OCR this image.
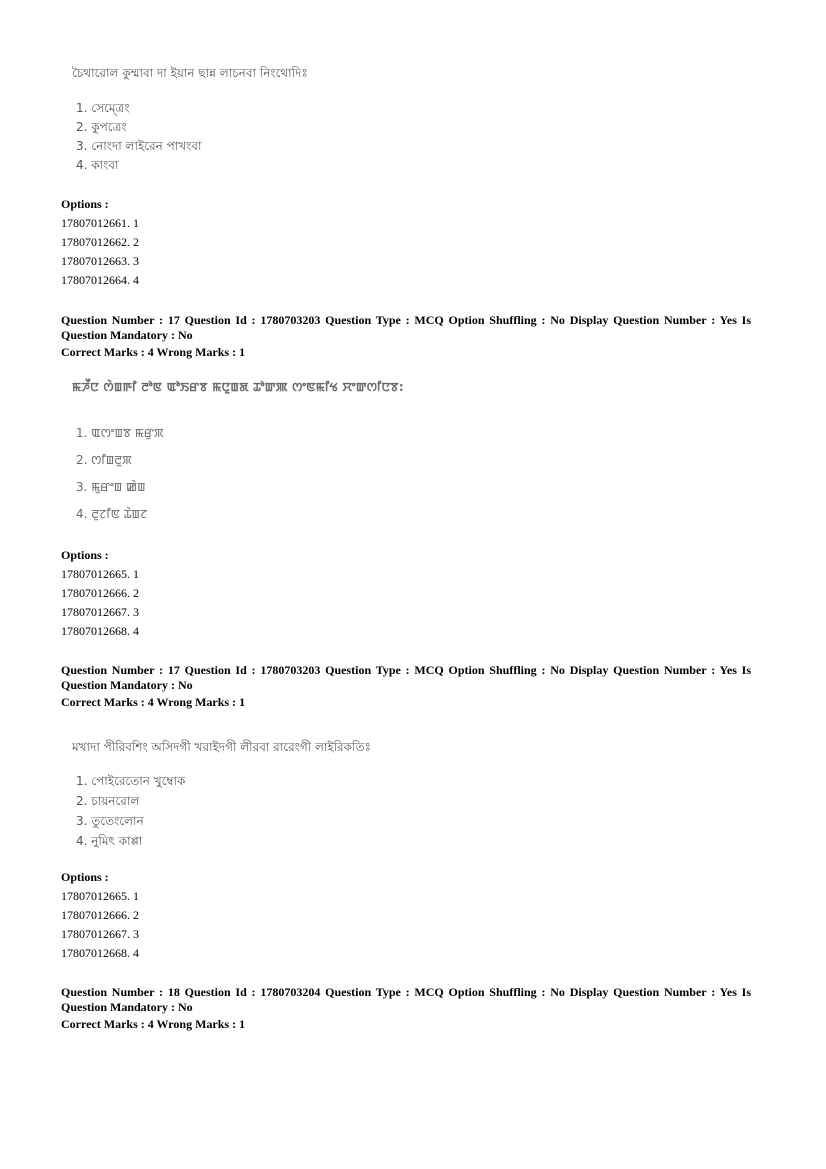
চৈথারোল কুম্মাবা দা ইয়ান ছান্ন লাচনবা নিংথোদিঃ
1. সেম্ত্রেং
2. কুপত্রেং
3. নোংদা লাইরেন পাখংবা
4. কাংবা
Options :
17807012661. 1
17807012662. 2
17807012663. 3
17807012664. 4
Question Number : 17 Question Id : 1780703203 Question Type : MCQ Option Shuffling : No Display Question Number : Yes Is
Question Mandatory : No
Correct Marks : 4 Wrong Marks : 1
ꯃꯍꯩꯅ ꯁꯥꯡꯒꯤ ꯂꯣꯟ ꯑꯣꯏꯔꯕ ꯃꯅꯨꯡꯗ ꯊꯣꯛꯄ ꯁꯦꯟꯃꯤꯠ ꯆꯦꯛꯁꯤꯅꯕ:
1. ꯑꯁꯦꯡꯕ ꯃꯔꯨꯞ
2. ꯁꯤꯡꯂꯨꯞ
3. ꯃꯨꯔꯦꯡ ꯀꯥꯡ
4. ꯂꯨꯖꯤꯟ ꯊꯥꯡꯖ
Options :
17807012665. 1
17807012666. 2
17807012667. 3
17807012668. 4
Question Number : 17 Question Id : 1780703203 Question Type : MCQ Option Shuffling : No Display Question Number : Yes Is
Question Mandatory : No
Correct Marks : 4 Wrong Marks : 1
মখাদা পীরিবশিং অসিদগী খরাইদগী লীরবা রারেংগী লাইরিকতিঃ
1. পোইরেতোন খুম্বোক
2. চায়নরোল
3. তুতেংলোন
4. নুমিৎ কাপ্পা
Options :
17807012665. 1
17807012666. 2
17807012667. 3
17807012668. 4
Question Number : 18 Question Id : 1780703204 Question Type : MCQ Option Shuffling : No Display Question Number : Yes Is
Question Mandatory : No
Correct Marks : 4 Wrong Marks : 1
